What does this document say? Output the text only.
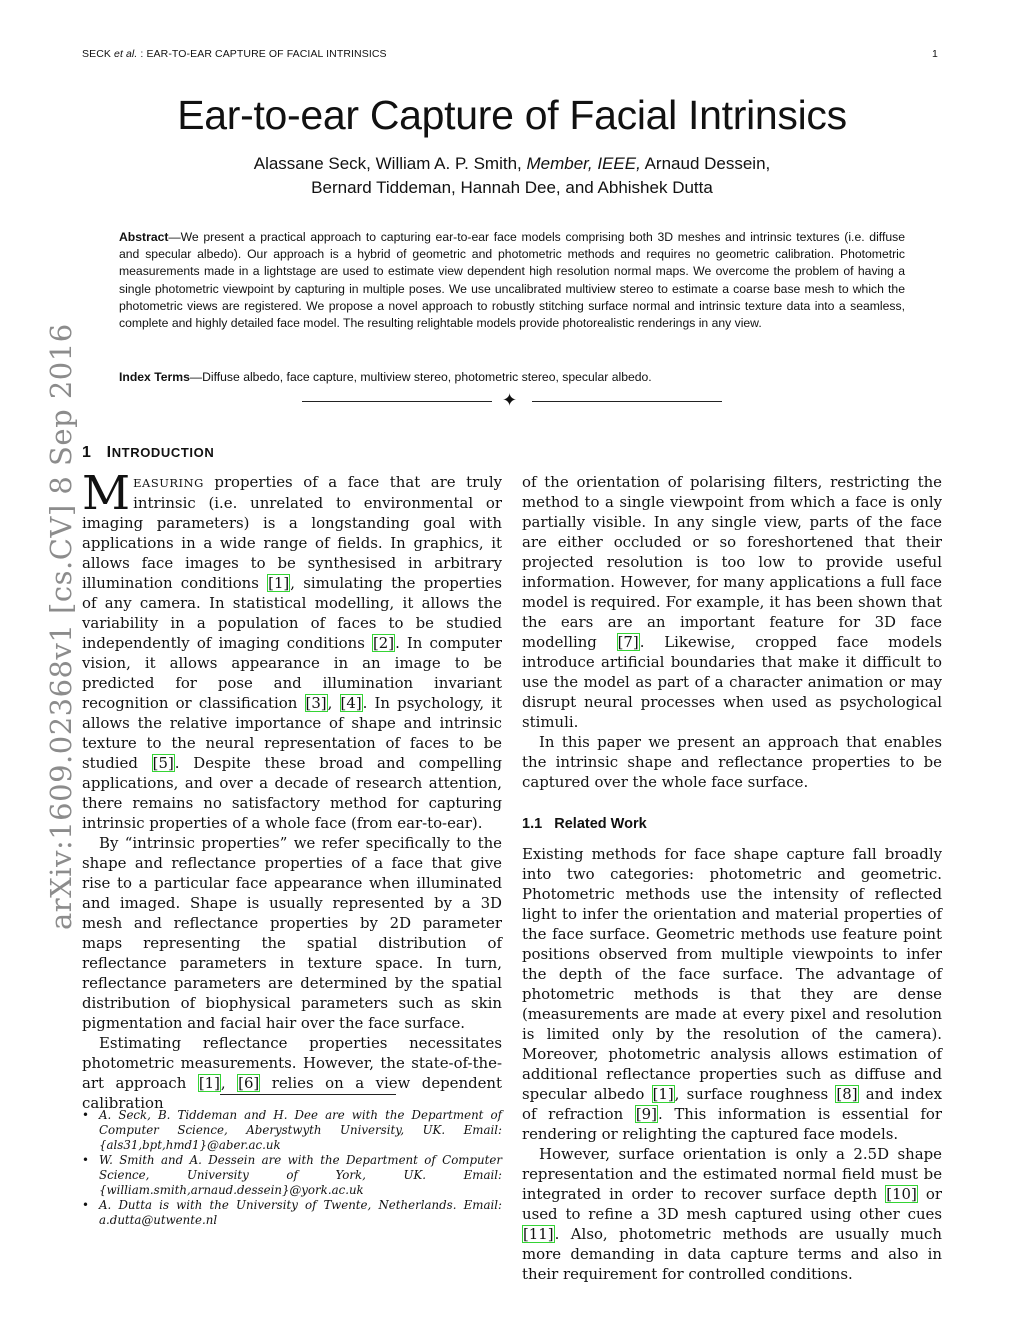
SECK et al. : EAR-TO-EAR CAPTURE OF FACIAL INTRINSICS	1
arXiv:1609.02368v1 [cs.CV] 8 Sep 2016
Ear-to-ear Capture of Facial Intrinsics
Alassane Seck, William A. P. Smith, Member, IEEE, Arnaud Dessein,
Bernard Tiddeman, Hannah Dee, and Abhishek Dutta

Abstract—We present a practical approach to capturing ear-to-ear face models comprising both 3D meshes and intrinsic textures (i.e. diffuse and specular albedo). Our approach is a hybrid of geometric and photometric methods and requires no geometric calibration. Photometric measurements made in a lightstage are used to estimate view dependent high resolution normal maps. We overcome the problem of having a single photometric viewpoint by capturing in multiple poses. We use uncalibrated multiview stereo to estimate a coarse base mesh to which the photometric views are registered. We propose a novel approach to robustly stitching surface normal and intrinsic texture data into a seamless, complete and highly detailed face model. The resulting relightable models provide photorealistic renderings in any view.

Index Terms—Diffuse albedo, face capture, multiview stereo, photometric stereo, specular albedo.

✦
1 INTRODUCTION

MEASURING properties of a face that are truly intrinsic (i.e. unrelated to environmental or imaging parameters) is a longstanding goal with applications in a wide range of fields. In graphics, it allows face images to be synthesised in arbitrary illumination conditions [1], simulating the properties of any camera. In statistical modelling, it allows the variability in a population of faces to be studied independently of imaging conditions [2]. In computer vision, it allows appearance in an image to be predicted for pose and illumination invariant recognition or classification [3], [4]. In psychology, it allows the relative importance of shape and intrinsic texture to the neural representation of faces to be studied [5]. Despite these broad and compelling applications, and over a decade of research attention, there remains no satisfactory method for capturing intrinsic properties of a whole face (from ear-to-ear).

By “intrinsic properties” we refer specifically to the shape and reflectance properties of a face that give rise to a particular face appearance when illuminated and imaged. Shape is usually represented by a 3D mesh and reflectance properties by 2D parameter maps representing the spatial distribution of reflectance parameters in texture space. In turn, reflectance parameters are determined by the spatial distribution of biophysical parameters such as skin pigmentation and facial hair over the face surface.

Estimating reflectance properties necessitates photometric measurements. However, the state-of-the-art approach [1], [6] relies on a view dependent calibration

• A. Seck, B. Tiddeman and H. Dee are with the Department of Computer Science, Aberystwyth University, UK. Email: {als31,bpt,hmd1}@aber.ac.uk
• W. Smith and A. Dessein are with the Department of Computer Science, University of York, UK. Email: {william.smith,arnaud.dessein}@york.ac.uk
• A. Dutta is with the University of Twente, Netherlands. Email: a.dutta@utwente.nl

of the orientation of polarising filters, restricting the method to a single viewpoint from which a face is only partially visible. In any single view, parts of the face are either occluded or so foreshortened that their projected resolution is too low to provide useful information. However, for many applications a full face model is required. For example, it has been shown that the ears are an important feature for 3D face modelling [7]. Likewise, cropped face models introduce artificial boundaries that make it difficult to use the model as part of a character animation or may disrupt neural processes when used as psychological stimuli.

In this paper we present an approach that enables the intrinsic shape and reflectance properties to be captured over the whole face surface.

1.1 Related Work

Existing methods for face shape capture fall broadly into two categories: photometric and geometric. Photometric methods use the intensity of reflected light to infer the orientation and material properties of the face surface. Geometric methods use feature point positions observed from multiple viewpoints to infer the depth of the face surface. The advantage of photometric methods is that they are dense (measurements are made at every pixel and resolution is limited only by the resolution of the camera). Moreover, photometric analysis allows estimation of additional reflectance properties such as diffuse and specular albedo [1], surface roughness [8] and index of refraction [9]. This information is essential for rendering or relighting the captured face models.

However, surface orientation is only a 2.5D shape representation and the estimated normal field must be integrated in order to recover surface depth [10] or used to refine a 3D mesh captured using other cues [11]. Also, photometric methods are usually much more demanding in data capture terms and also in their requirement for controlled conditions.
